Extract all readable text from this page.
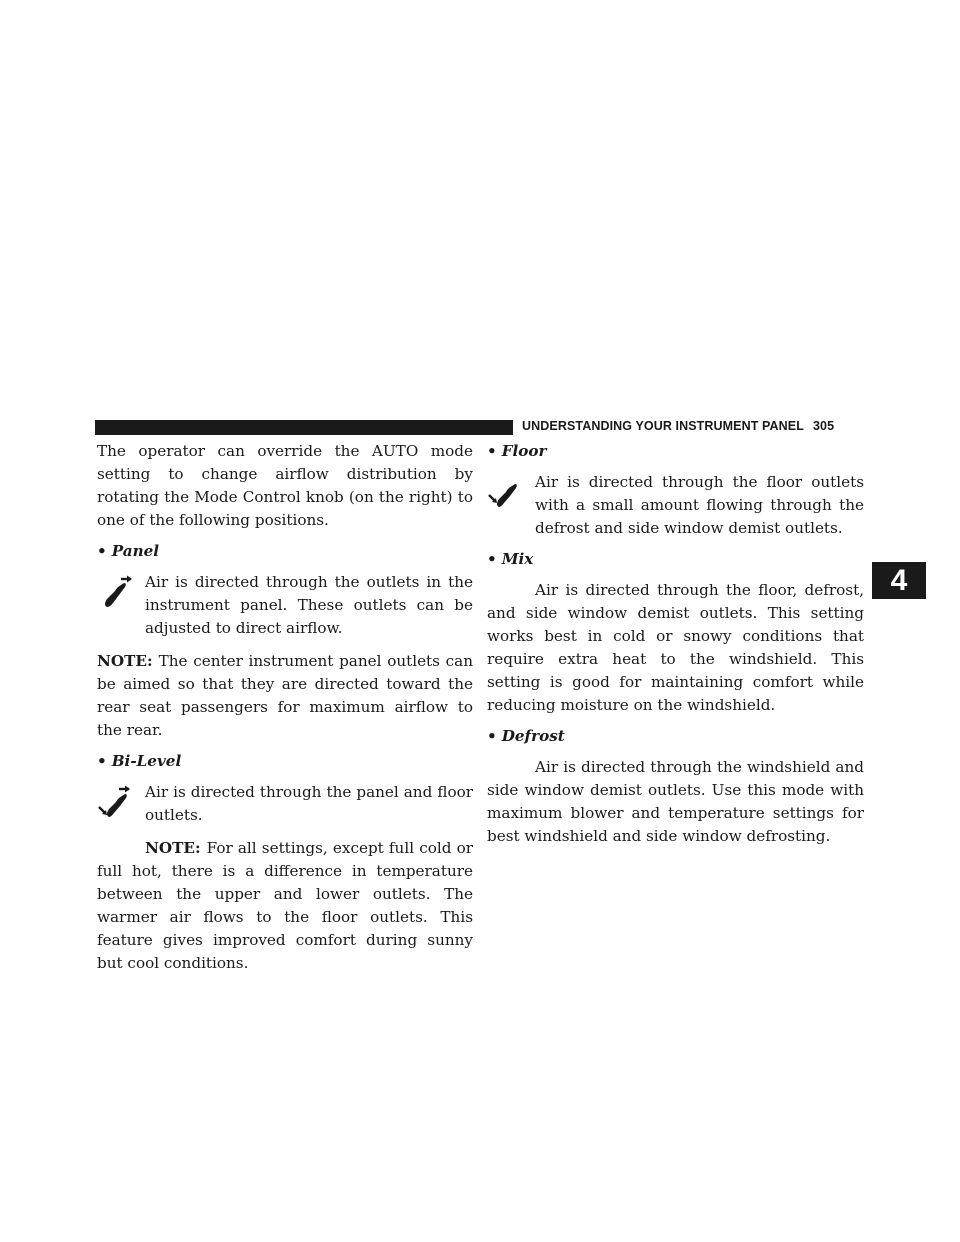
UNDERSTANDING YOUR INSTRUMENT PANEL 305
4

The operator can override the AUTO mode setting to change airflow distribution by rotating the Mode Control knob (on the right) to one of the following positions.

• Panel

Air is directed through the outlets in the instrument panel. These outlets can be adjusted to direct airflow.

NOTE: The center instrument panel outlets can be aimed so that they are directed toward the rear seat passengers for maximum airflow to the rear.

• Bi-Level

Air is directed through the panel and floor outlets.

NOTE: For all settings, except full cold or full hot, there is a difference in temperature between the upper and lower outlets. The warmer air flows to the floor outlets. This feature gives improved comfort during sunny but cool conditions.

• Floor

Air is directed through the floor outlets with a small amount flowing through the defrost and side window demist outlets.

• Mix

Air is directed through the floor, defrost, and side window demist outlets. This setting works best in cold or snowy conditions that require extra heat to the windshield. This setting is good for maintaining comfort while reducing moisture on the windshield.

• Defrost

Air is directed through the windshield and side window demist outlets. Use this mode with maximum blower and temperature settings for best windshield and side window defrosting.
